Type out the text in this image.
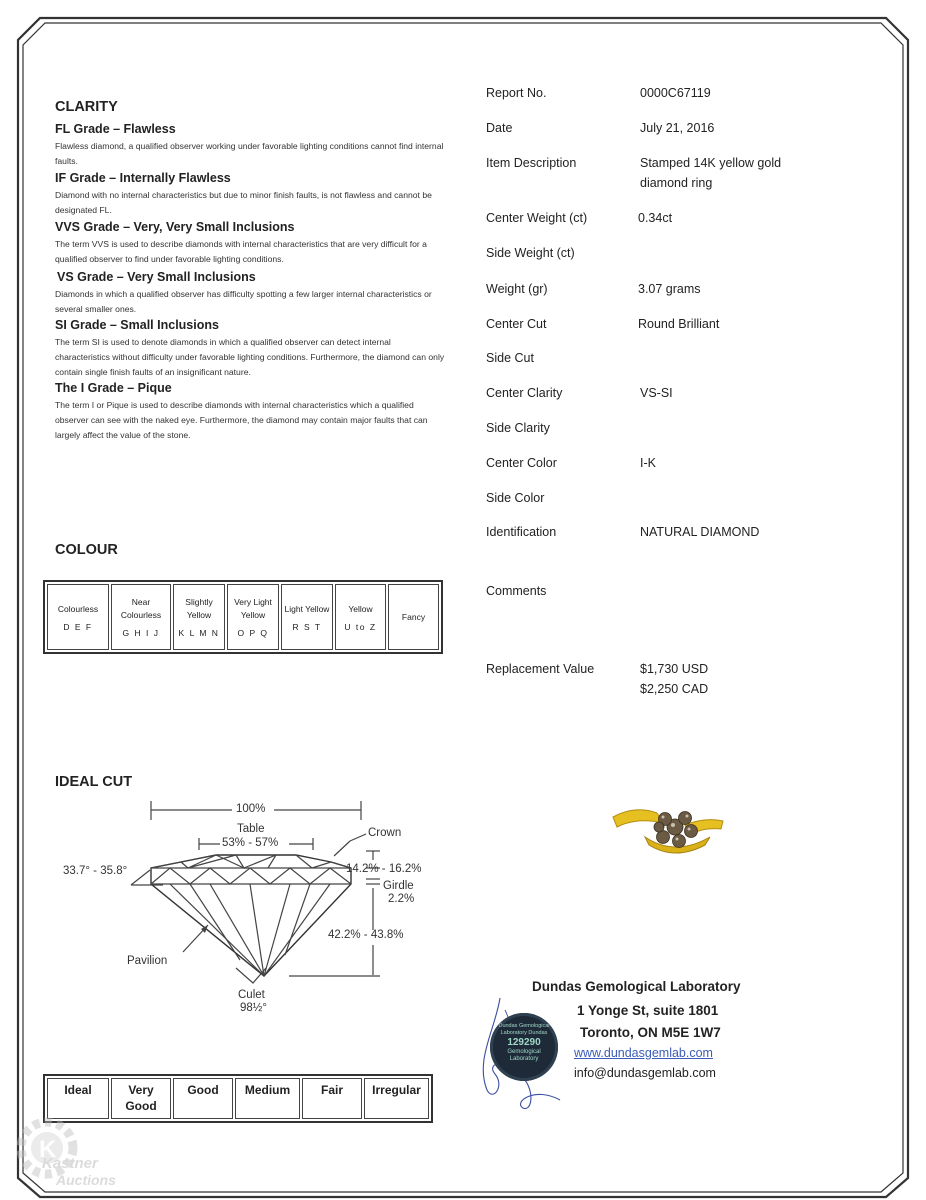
CLARITY
FL Grade – Flawless
Flawless diamond, a qualified observer working under favorable lighting conditions cannot find internal faults.
IF Grade – Internally Flawless
Diamond with no internal characteristics but due to minor finish faults, is not flawless and cannot be designated FL.
VVS Grade – Very, Very Small Inclusions
The term VVS is used to describe diamonds with internal characteristics that are very difficult for a qualified observer to find under favorable lighting conditions.
VS Grade – Very Small Inclusions
Diamonds in which a qualified observer has difficulty spotting a few larger internal characteristics or several smaller ones.
SI Grade – Small Inclusions
The term SI is used to denote diamonds in which a qualified observer can detect internal characteristics without difficulty under favorable lighting conditions. Furthermore, the diamond can only contain single finish faults of an insignificant nature.
The I Grade – Pique
The term I or Pique is used to describe diamonds with internal characteristics which a qualified observer can see with the naked eye. Furthermore, the diamond may contain major faults that can largely affect the value of the stone.
COLOUR
Colourless
D E F

Near Colourless
G H I J

Slightly Yellow
K L M N

Very Light Yellow
O P Q

Light Yellow
R S T

Yellow
U to Z

Fancy
IDEAL CUT
100%
Table
53% - 57%
Crown
33.7° - 35.8°	14.2% - 16.2%
Girdle
2.2%
42.2% - 43.8%
Pavilion
Culet
98½°
Ideal	Very Good	Good	Medium	Fair	Irregular
Report No.	0000C67119
Date	July 21, 2016
Item Description	Stamped 14K yellow gold diamond ring
Center Weight (ct)	0.34ct
Side Weight (ct)
Weight (gr)	3.07 grams
Center Cut	Round Brilliant
Side Cut
Center Clarity	VS-SI
Side Clarity
Center Color	I-K
Side Color
Identification	NATURAL DIAMOND
Comments
Replacement Value	$1,730 USD
$2,250 CAD
Dundas Gemological Laboratory
1 Yonge St, suite 1801
Toronto, ON M5E 1W7
www.dundasgemlab.com
info@dundasgemlab.com
Dundas Gemological
Laboratory Dundas
129290
Gemological
Laboratory
K
Kastner
Auctions
